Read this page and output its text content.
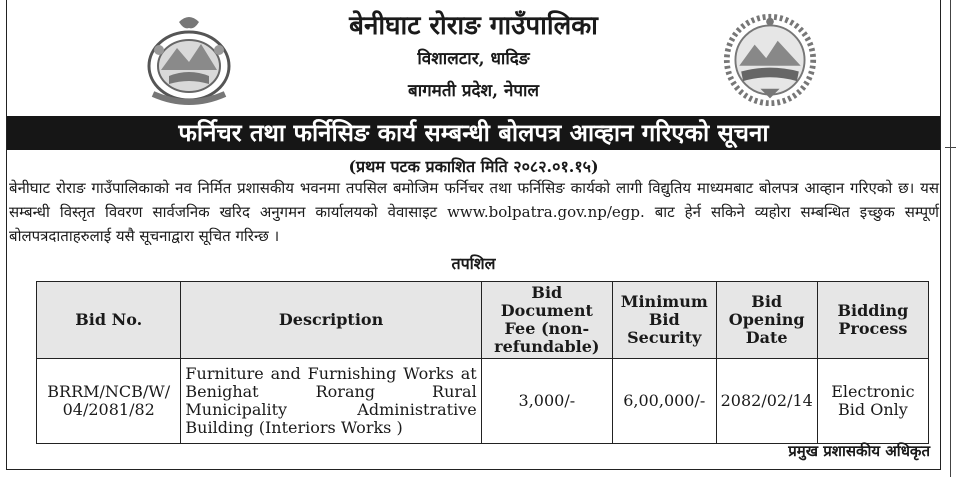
बेनीघाट रोराङ गाउँपालिका
विशालटार, धादिङ
बागमती प्रदेश, नेपाल
फर्निचर तथा फर्निसिङ कार्य सम्बन्धी बोलपत्र आव्हान गरिएको सूचना
(प्रथम पटक प्रकाशित मिति २०८२.०१.१५)

बेनीघाट रोराङ गाउँपालिकाको नव निर्मित प्रशासकीय भवनमा तपसिल बमोजिम फर्निचर तथा फर्निसिङ कार्यको लागी विद्युतिय माध्यमबाट बोलपत्र आव्हान गरिएको छ। यस सम्बन्धी विस्तृत विवरण सार्वजनिक खरिद अनुगमन कार्यालयको वेवासाइट www.bolpatra.gov.np/egp. बाट हेर्न सकिने व्यहोरा सम्बन्धित इच्छुक सम्पूर्ण बोलपत्रदाताहरुलाई यसै सूचनाद्वारा सूचित गरिन्छ ।

तपशिल
Bid No.	Description	Bid Document Fee (non-refundable)	Minimum Bid Security	Bid Opening Date	Bidding Process
BRRM/NCB/W/ 04/2081/82	Furniture and Furnishing Works at Benighat Rorang Rural Municipality Administrative Building (Interiors Works )	3,000/-	6,00,000/-	2082/02/14	Electronic Bid Only
प्रमुख प्रशासकीय अधिकृत
